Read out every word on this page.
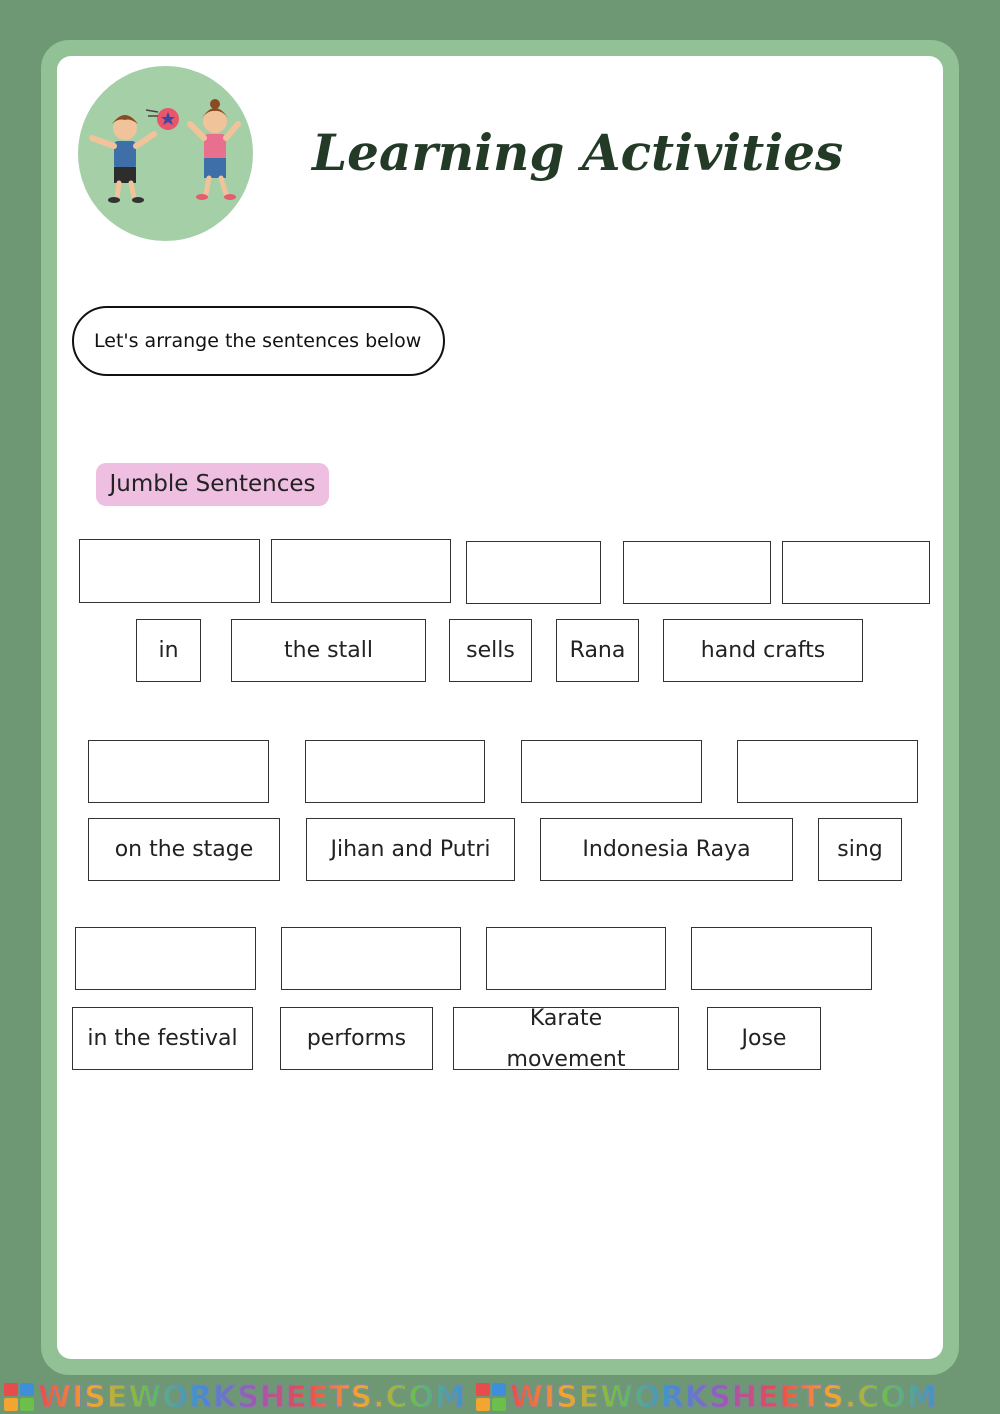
Learning Activities
Let's arrange the sentences below
Jumble Sentences
in	the stall	sells	Rana	hand crafts
on the stage	Jihan and Putri	Indonesia Raya	sing
in the festival	performs
Karate movement
Jose
WISEWORKSHEETS.COM WISEWORKSHEETS.COM
